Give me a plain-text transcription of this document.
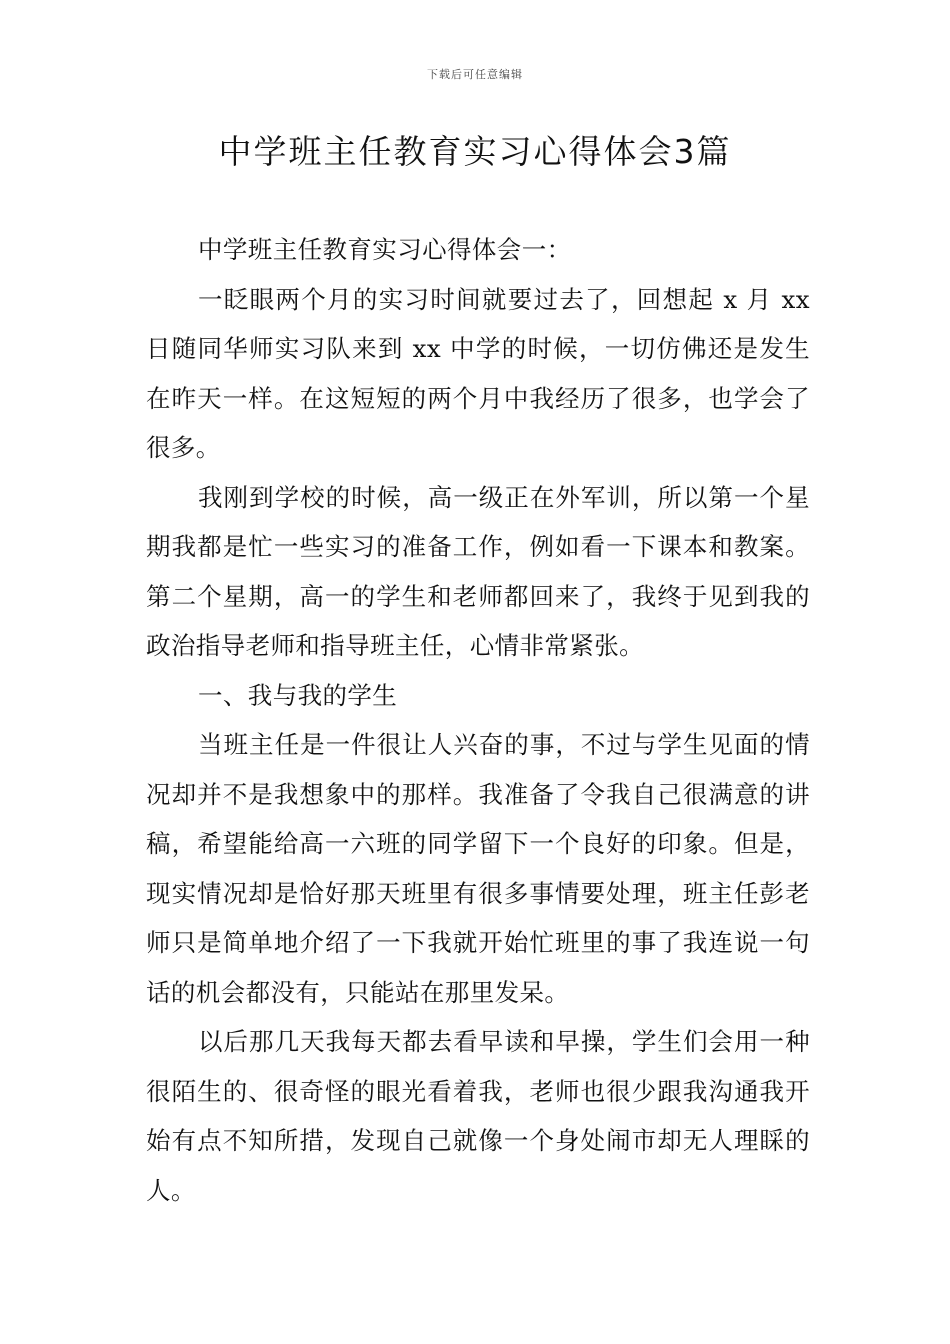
下载后可任意编辑
中学班主任教育实习心得体会3篇

中学班主任教育实习心得体会一：

一眨眼两个月的实习时间就要过去了，回想起 x 月 xx 日随同华师实习队来到 xx 中学的时候，一切仿佛还是发生在昨天一样。在这短短的两个月中我经历了很多，也学会了很多。

我刚到学校的时候，高一级正在外军训，所以第一个星期我都是忙一些实习的准备工作，例如看一下课本和教案。第二个星期，高一的学生和老师都回来了，我终于见到我的政治指导老师和指导班主任，心情非常紧张。

一、我与我的学生

当班主任是一件很让人兴奋的事，不过与学生见面的情况却并不是我想象中的那样。我准备了令我自己很满意的讲稿，希望能给高一六班的同学留下一个良好的印象。但是，现实情况却是恰好那天班里有很多事情要处理，班主任彭老师只是简单地介绍了一下我就开始忙班里的事了我连说一句话的机会都没有，只能站在那里发呆。

以后那几天我每天都去看早读和早操，学生们会用一种很陌生的、很奇怪的眼光看着我，老师也很少跟我沟通我开始有点不知所措，发现自己就像一个身处闹市却无人理睬的人。
